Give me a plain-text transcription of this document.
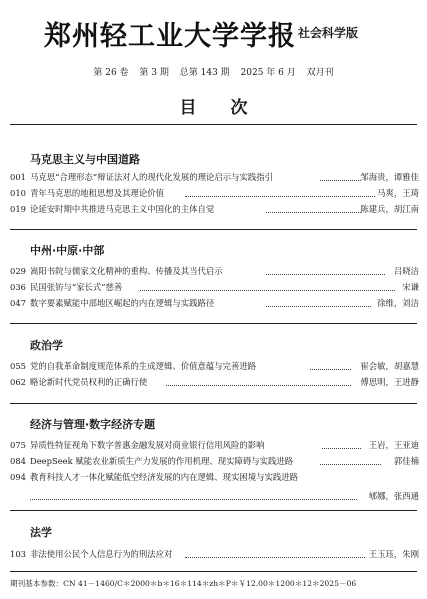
郑州轻工业大学学报 社会科学版
第 26 卷 第 3 期 总第 143 期 2025 年 6 月 双月刊
目 次
马克思主义与中国道路
001 马克思“合理形态”辩证法对人的现代化发展的理论启示与实践指引	邹海贵，谭雅佳
010 青年马克思的地租思想及其理论价值	马爽，王琦
019 论延安时期中共推进马克思主义中国化的主体自觉	陈建兵，胡江南
中州·中原·中部
029 嵩阳书院与儒家文化精神的重构、传播及其当代启示	吕晓洁
036 民国张钫与“家长式”慈善	宋谦
047 数字要素赋能中部地区崛起的内在逻辑与实践路径	徐维，刘洁
政治学
055 党的自我革命制度规范体系的生成逻辑、价值意蕴与完善进路	崔会敏，胡嘉慧
062 略论新时代党员权利的正确行使	傅思明，王进静
经济与管理·数字经济专题
075 异质性特征视角下数字普惠金融发展对商业银行信用风险的影响	王岩，王亚迪
084 DeepSeek 赋能农业新质生产力发展的作用机理、现实障碍与实践进路	郭佳楠
094 教育科技人才一体化赋能低空经济发展的内在逻辑、现实困境与实践进路
郇娜，张西通
法学
103 非法使用公民个人信息行为的刑法应对	王玉珏，朱刚
期刊基本参数：CN 41－1460/C＊2000＊b＊16＊114＊zh＊P＊￥12.00＊1200＊12＊2025－06
